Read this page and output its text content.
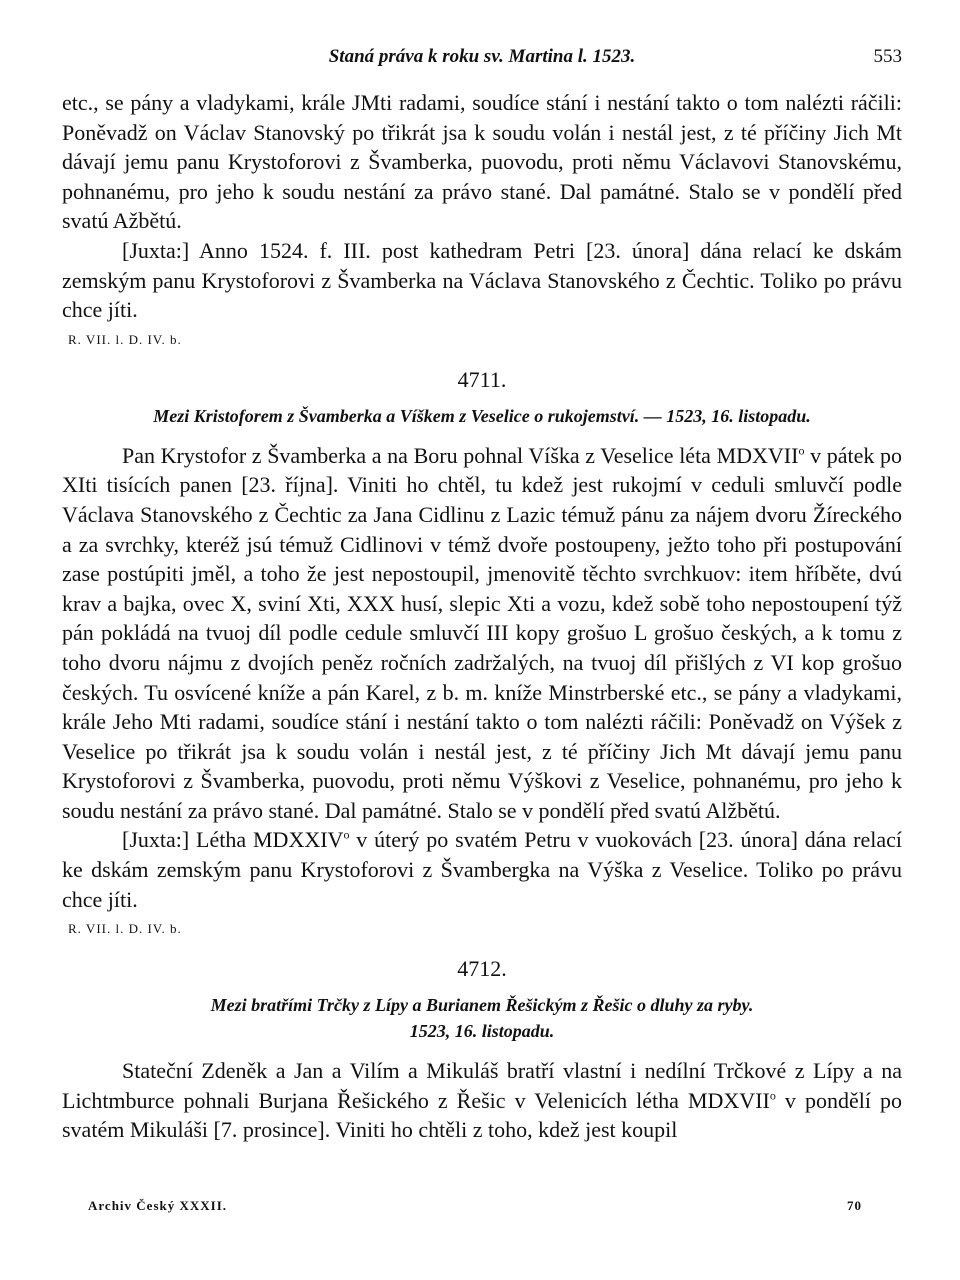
Staná práva k roku sv. Martina l. 1523.	553

etc., se pány a vladykami, krále JMti radami, soudíce stání i nestání takto o tom nalézti ráčili: Poněvadž on Václav Stanovský po třikrát jsa k soudu volán i nestál jest, z té příčiny Jich Mt dávají jemu panu Krystoforovi z Švamberka, puovodu, proti němu Václavovi Stanovskému, pohnanému, pro jeho k soudu nestání za právo stané. Dal památné. Stalo se v pondělí před svatú Ažbětú.

[Juxta:] Anno 1524. f. III. post kathedram Petri [23. února] dána relací ke dskám zemským panu Krystoforovi z Švamberka na Václava Stanovského z Čechtic. Toliko po právu chce jíti.

R. VII. l. D. IV. b.
4711.
Mezi Kristoforem z Švamberka a Víškem z Veselice o rukojemství. — 1523, 16. listopadu.

Pan Krystofor z Švamberka a na Boru pohnal Víška z Veselice léta MDXVII$^o$ v pátek po XIti tisících panen [23. října]. Viniti ho chtěl, tu kdež jest rukojmí v ceduli smluvčí podle Václava Stanovského z Čechtic za Jana Cidlinu z Lazic témuž pánu za nájem dvoru Žíreckého a za svrchky, kteréž jsú témuž Cidlinovi v témž dvoře postoupeny, ježto toho při postupování zase postúpiti jměl, a toho že jest nepostoupil, jmenovitě těchto svrchkuov: item hříběte, dvú krav a bajka, ovec X, sviní Xti, XXX husí, slepic Xti a vozu, kdež sobě toho nepostoupení týž pán pokládá na tvuoj díl podle cedule smluvčí III kopy grošuo L grošuo českých, a k tomu z toho dvoru nájmu z dvojích peněz ročních zadržalých, na tvuoj díl přišlých z VI kop grošuo českých. Tu osvícené kníže a pán Karel, z b. m. kníže Minstrberské etc., se pány a vladykami, krále Jeho Mti radami, soudíce stání i nestání takto o tom nalézti ráčili: Poněvadž on Výšek z Veselice po třikrát jsa k soudu volán i nestál jest, z té příčiny Jich Mt dávají jemu panu Krystoforovi z Švamberka, puovodu, proti němu Výškovi z Veselice, pohnanému, pro jeho k soudu nestání za právo stané. Dal památné. Stalo se v pondělí před svatú Alžbětú.

[Juxta:] Létha MDXXIV$^o$ v úterý po svatém Petru v vuokovách [23. února] dána relací ke dskám zemským panu Krystoforovi z Švambergka na Výška z Veselice. Toliko po právu chce jíti.

R. VII. l. D. IV. b.
4712.
Mezi bratřími Trčky z Lípy a Burianem Řešickým z Řešic o dluhy za ryby.
1523, 16. listopadu.

Stateční Zdeněk a Jan a Vilím a Mikuláš bratří vlastní i nedílní Trčkové z Lípy a na Lichtmburce pohnali Burjana Řešického z Řešic v Velenicích létha MDXVII$^o$ v pondělí po svatém Mikuláši [7. prosince]. Viniti ho chtěli z toho, kdež jest koupil

Archiv Český XXXII.	70
